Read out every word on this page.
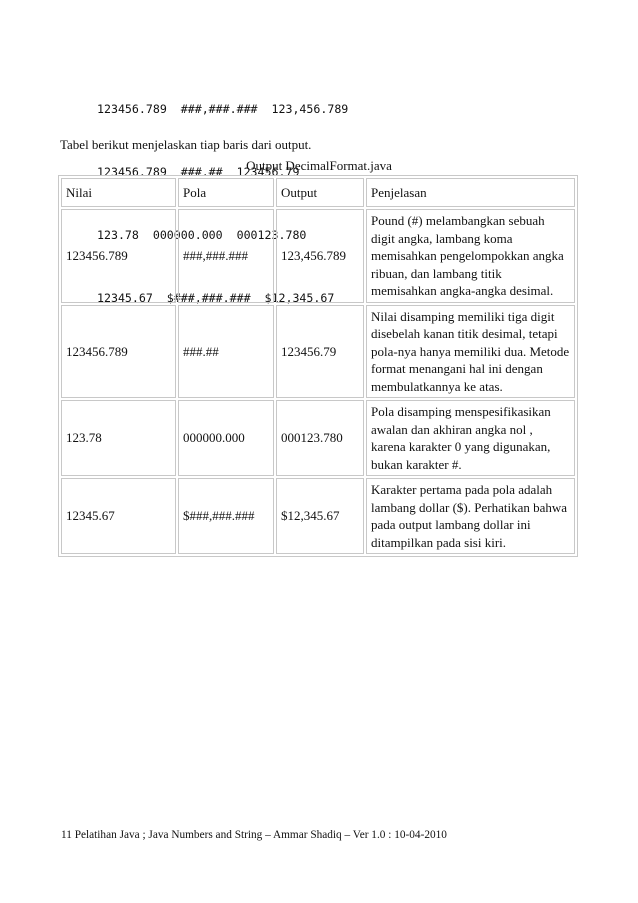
123456.789  ###,###.###  123,456.789

123456.789  ###.##  123456.79

123.78  000000.000  000123.780

12345.67  $###,###.###  $12,345.67

Tabel berikut menjelaskan tiap baris dari output.
Output DecimalFormat.java
Nilai	Pola	Output	Penjelasan
123456.789	###,###.###	123,456.789	Pound (#) melambangkan sebuah digit angka, lambang koma memisahkan pengelompokkan angka ribuan, dan lambang titik memisahkan angka-angka desimal.
123456.789	###.##	123456.79	Nilai disamping memiliki tiga digit disebelah kanan titik desimal, tetapi pola-nya hanya memiliki dua. Metode format menangani hal ini dengan membulatkannya ke atas.
123.78	000000.000	000123.780	Pola disamping menspesifikasikan awalan dan akhiran angka nol , karena karakter 0 yang digunakan, bukan karakter #.
12345.67	$###,###.###	$12,345.67	Karakter pertama pada pola adalah lambang dollar ($). Perhatikan bahwa pada output lambang dollar ini ditampilkan pada sisi kiri.
11 Pelatihan Java ; Java Numbers and String – Ammar Shadiq – Ver 1.0 : 10-04-2010
